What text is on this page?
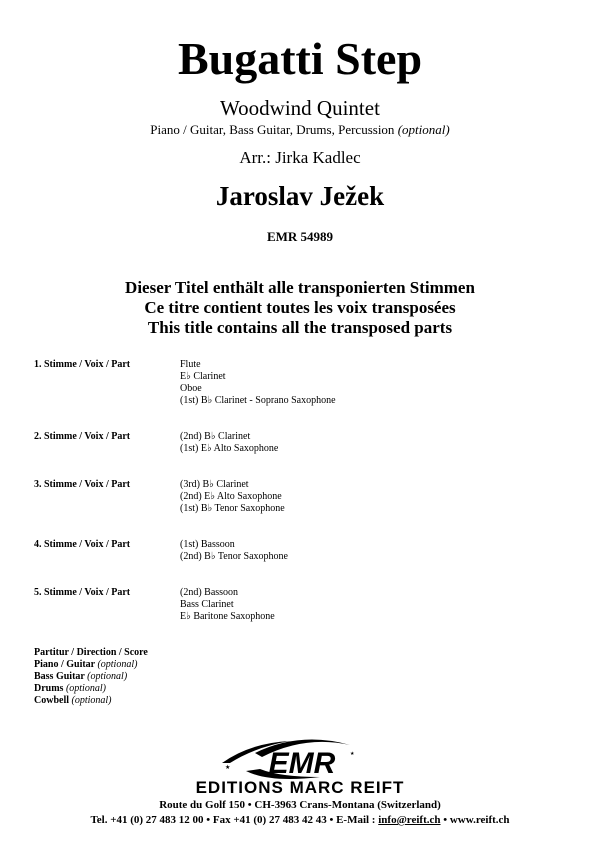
Bugatti Step
Woodwind Quintet
Piano / Guitar, Bass Guitar, Drums, Percussion (optional)
Arr.: Jirka Kadlec
Jaroslav Ježek
EMR 54989
Dieser Titel enthält alle transponierten Stimmen
Ce titre contient toutes les voix transposées
This title contains all the transposed parts
1. Stimme / Voix / Part	Flute
E♭ Clarinet
Oboe
(1st) B♭ Clarinet - Soprano Saxophone
2. Stimme / Voix / Part	(2nd) B♭ Clarinet
(1st) E♭ Alto Saxophone
3. Stimme / Voix / Part	(3rd) B♭ Clarinet
(2nd) E♭ Alto Saxophone
(1st) B♭ Tenor Saxophone
4. Stimme / Voix / Part	(1st) Bassoon
(2nd) B♭ Tenor Saxophone
5. Stimme / Voix / Part	(2nd) Bassoon
Bass Clarinet
E♭ Baritone Saxophone
Partitur / Direction / Score
Piano / Guitar (optional)
Bass Guitar (optional)
Drums (optional)
Cowbell (optional)
EMR
★
★
EDITIONS MARC REIFT
Route du Golf 150 • CH-3963 Crans-Montana (Switzerland)
Tel. +41 (0) 27 483 12 00 • Fax +41 (0) 27 483 42 43 • E-Mail : info@reift.ch • www.reift.ch
